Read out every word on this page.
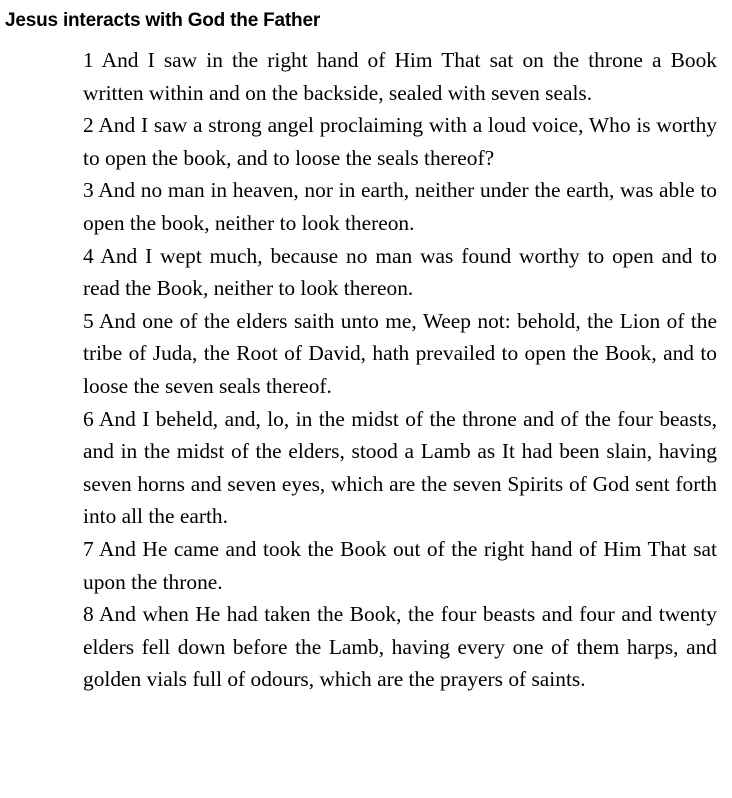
Jesus interacts with God the Father

1 And I saw in the right hand of Him That sat on the throne a Book written within and on the backside, sealed with seven seals.

2 And I saw a strong angel proclaiming with a loud voice, Who is worthy to open the book, and to loose the seals thereof?

3 And no man in heaven, nor in earth, neither under the earth, was able to open the book, neither to look thereon.

4 And I wept much, because no man was found worthy to open and to read the Book, neither to look thereon.

5 And one of the elders saith unto me, Weep not: behold, the Lion of the tribe of Juda, the Root of David, hath prevailed to open the Book, and to loose the seven seals thereof.

6 And I beheld, and, lo, in the midst of the throne and of the four beasts, and in the midst of the elders, stood a Lamb as It had been slain, having seven horns and seven eyes, which are the seven Spirits of God sent forth into all the earth.

7 And He came and took the Book out of the right hand of Him That sat upon the throne.

8 And when He had taken the Book, the four beasts and four and twenty elders fell down before the Lamb, having every one of them harps, and golden vials full of odours, which are the prayers of saints.
